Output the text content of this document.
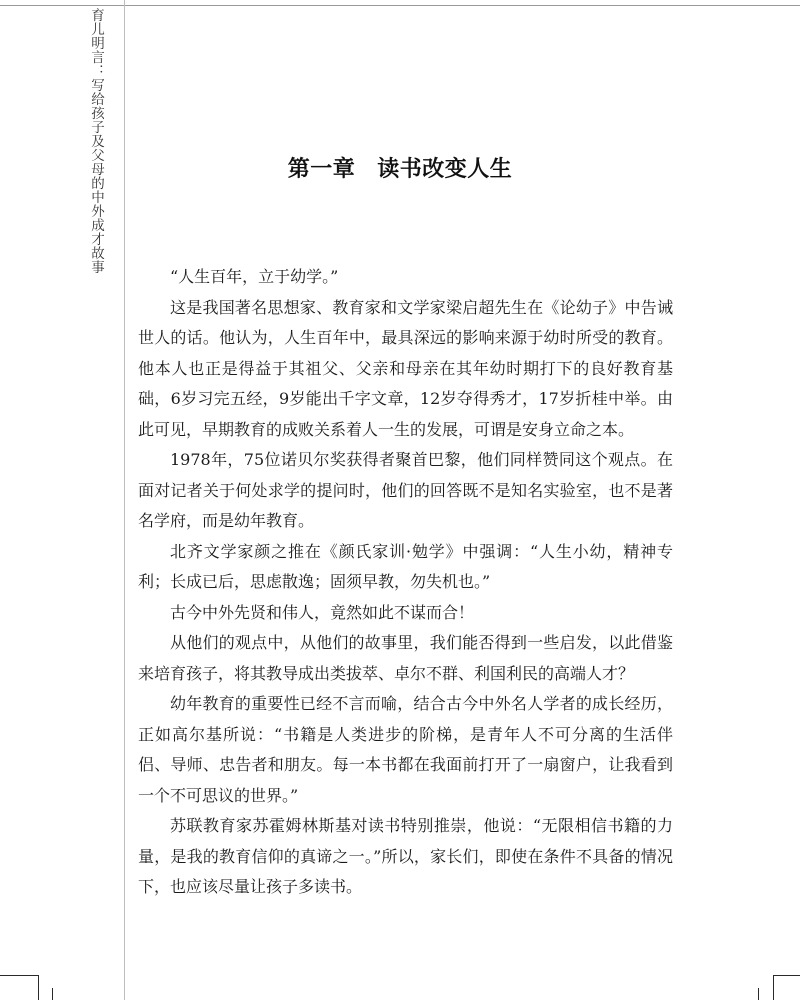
育儿明言：写给孩子及父母的中外成才故事	第一章 读书改变人生

“人生百年，立于幼学。”

这是我国著名思想家、教育家和文学家梁启超先生在《论幼子》中告诫世人的话。他认为，人生百年中，最具深远的影响来源于幼时所受的教育。他本人也正是得益于其祖父、父亲和母亲在其年幼时期打下的良好教育基础，6岁习完五经，9岁能出千字文章，12岁夺得秀才，17岁折桂中举。由此可见，早期教育的成败关系着人一生的发展，可谓是安身立命之本。

1978年，75位诺贝尔奖获得者聚首巴黎，他们同样赞同这个观点。在面对记者关于何处求学的提问时，他们的回答既不是知名实验室，也不是著名学府，而是幼年教育。

北齐文学家颜之推在《颜氏家训·勉学》中强调：“人生小幼，精神专利；长成已后，思虑散逸；固须早教，勿失机也。”

古今中外先贤和伟人，竟然如此不谋而合！

从他们的观点中，从他们的故事里，我们能否得到一些启发，以此借鉴来培育孩子，将其教导成出类拔萃、卓尔不群、利国利民的高端人才？

幼年教育的重要性已经不言而喻，结合古今中外名人学者的成长经历，正如高尔基所说：“书籍是人类进步的阶梯，是青年人不可分离的生活伴侣、导师、忠告者和朋友。每一本书都在我面前打开了一扇窗户，让我看到一个不可思议的世界。”

苏联教育家苏霍姆林斯基对读书特别推崇，他说：“无限相信书籍的力量，是我的教育信仰的真谛之一。”所以，家长们，即使在条件不具备的情况下，也应该尽量让孩子多读书。
